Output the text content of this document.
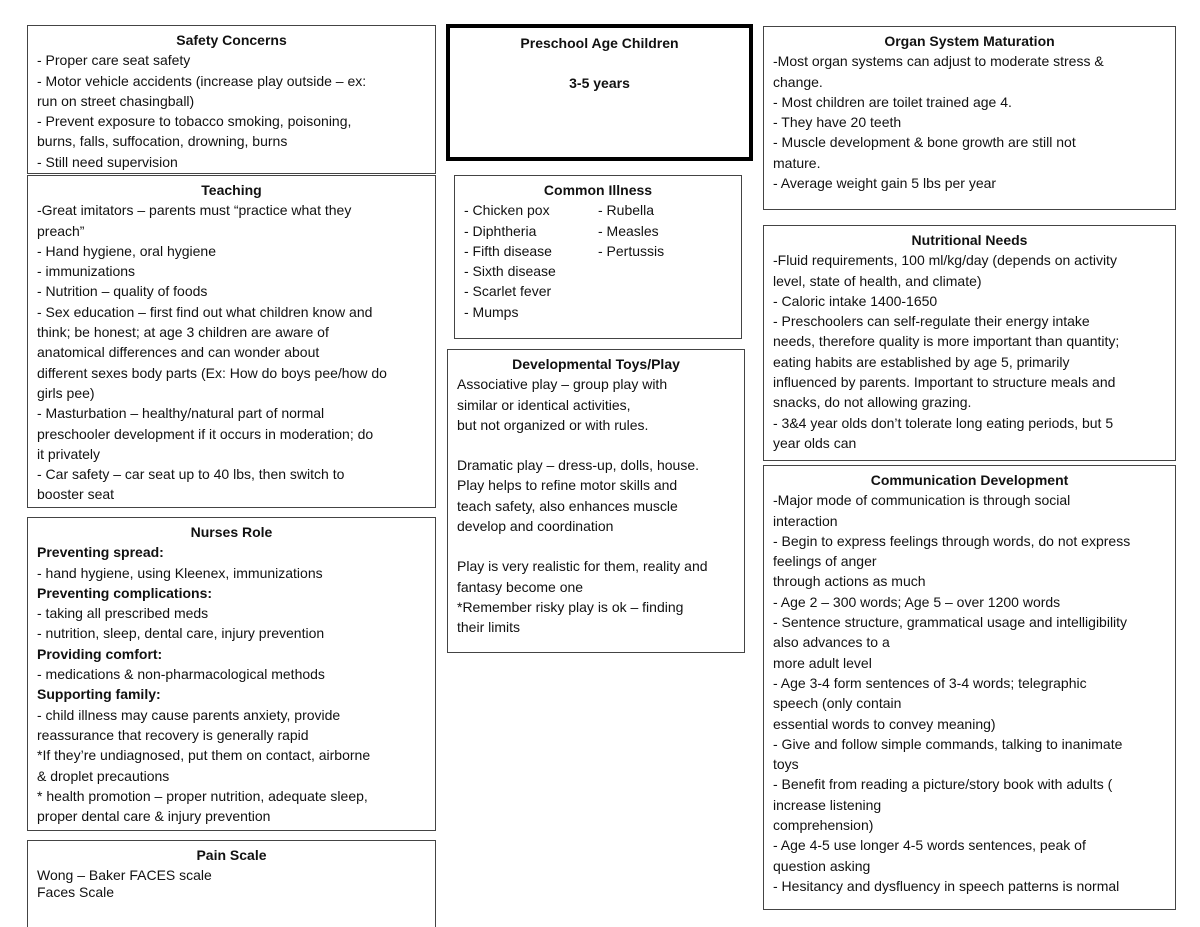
Safety Concerns
- Proper care seat safety
- Motor vehicle accidents (increase play outside – ex:
run on street chasingball)
- Prevent exposure to tobacco smoking, poisoning,
burns, falls, suffocation, drowning, burns
- Still need supervision
Preschool Age Children
3-5 years
Organ System Maturation
-Most organ systems can adjust to moderate stress &
change.
- Most children are toilet trained age 4.
- They have 20 teeth
- Muscle development & bone growth are still not
mature.
- Average weight gain 5 lbs per year
Teaching
-Great imitators – parents must “practice what they
preach”
- Hand hygiene, oral hygiene
- immunizations
- Nutrition – quality of foods
- Sex education – first find out what children know and
think; be honest; at age 3 children are aware of
anatomical differences and can wonder about
different sexes body parts (Ex: How do boys pee/how do
girls pee)
- Masturbation – healthy/natural part of normal
preschooler development if it occurs in moderation; do
it privately
- Car safety – car seat up to 40 lbs, then switch to
booster seat
Common Illness
- Chicken pox
- Diphtheria
- Fifth disease
- Sixth disease
- Scarlet fever
- Mumps
- Rubella
- Measles
- Pertussis
Nutritional Needs
-Fluid requirements, 100 ml/kg/day (depends on activity
level, state of health, and climate)
- Caloric intake 1400-1650
- Preschoolers can self-regulate their energy intake
needs, therefore quality is more important than quantity;
eating habits are established by age 5, primarily
influenced by parents. Important to structure meals and
snacks, do not allowing grazing.
- 3&4 year olds don’t tolerate long eating periods, but 5
year olds can
Developmental Toys/Play
Associative play – group play with
similar or identical activities,
but not organized or with rules.
Dramatic play – dress-up, dolls, house.
Play helps to refine motor skills and
teach safety, also enhances muscle
develop and coordination
Play is very realistic for them, reality and
fantasy become one
*Remember risky play is ok – finding
their limits
Communication Development
-Major mode of communication is through social
interaction
- Begin to express feelings through words, do not express
feelings of anger
through actions as much
- Age 2 – 300 words; Age 5 – over 1200 words
- Sentence structure, grammatical usage and intelligibility
also advances to a
more adult level
- Age 3-4 form sentences of 3-4 words; telegraphic
speech (only contain
essential words to convey meaning)
- Give and follow simple commands, talking to inanimate
toys
- Benefit from reading a picture/story book with adults (
increase listening
comprehension)
- Age 4-5 use longer 4-5 words sentences, peak of
question asking
- Hesitancy and dysfluency in speech patterns is normal
Nurses Role
Preventing spread:
- hand hygiene, using Kleenex, immunizations
Preventing complications:
- taking all prescribed meds
- nutrition, sleep, dental care, injury prevention
Providing comfort:
- medications & non-pharmacological methods
Supporting family:
- child illness may cause parents anxiety, provide
reassurance that recovery is generally rapid
*If they’re undiagnosed, put them on contact, airborne
& droplet precautions
* health promotion – proper nutrition, adequate sleep,
proper dental care & injury prevention
Pain Scale
Wong – Baker FACES scale
Faces Scale
